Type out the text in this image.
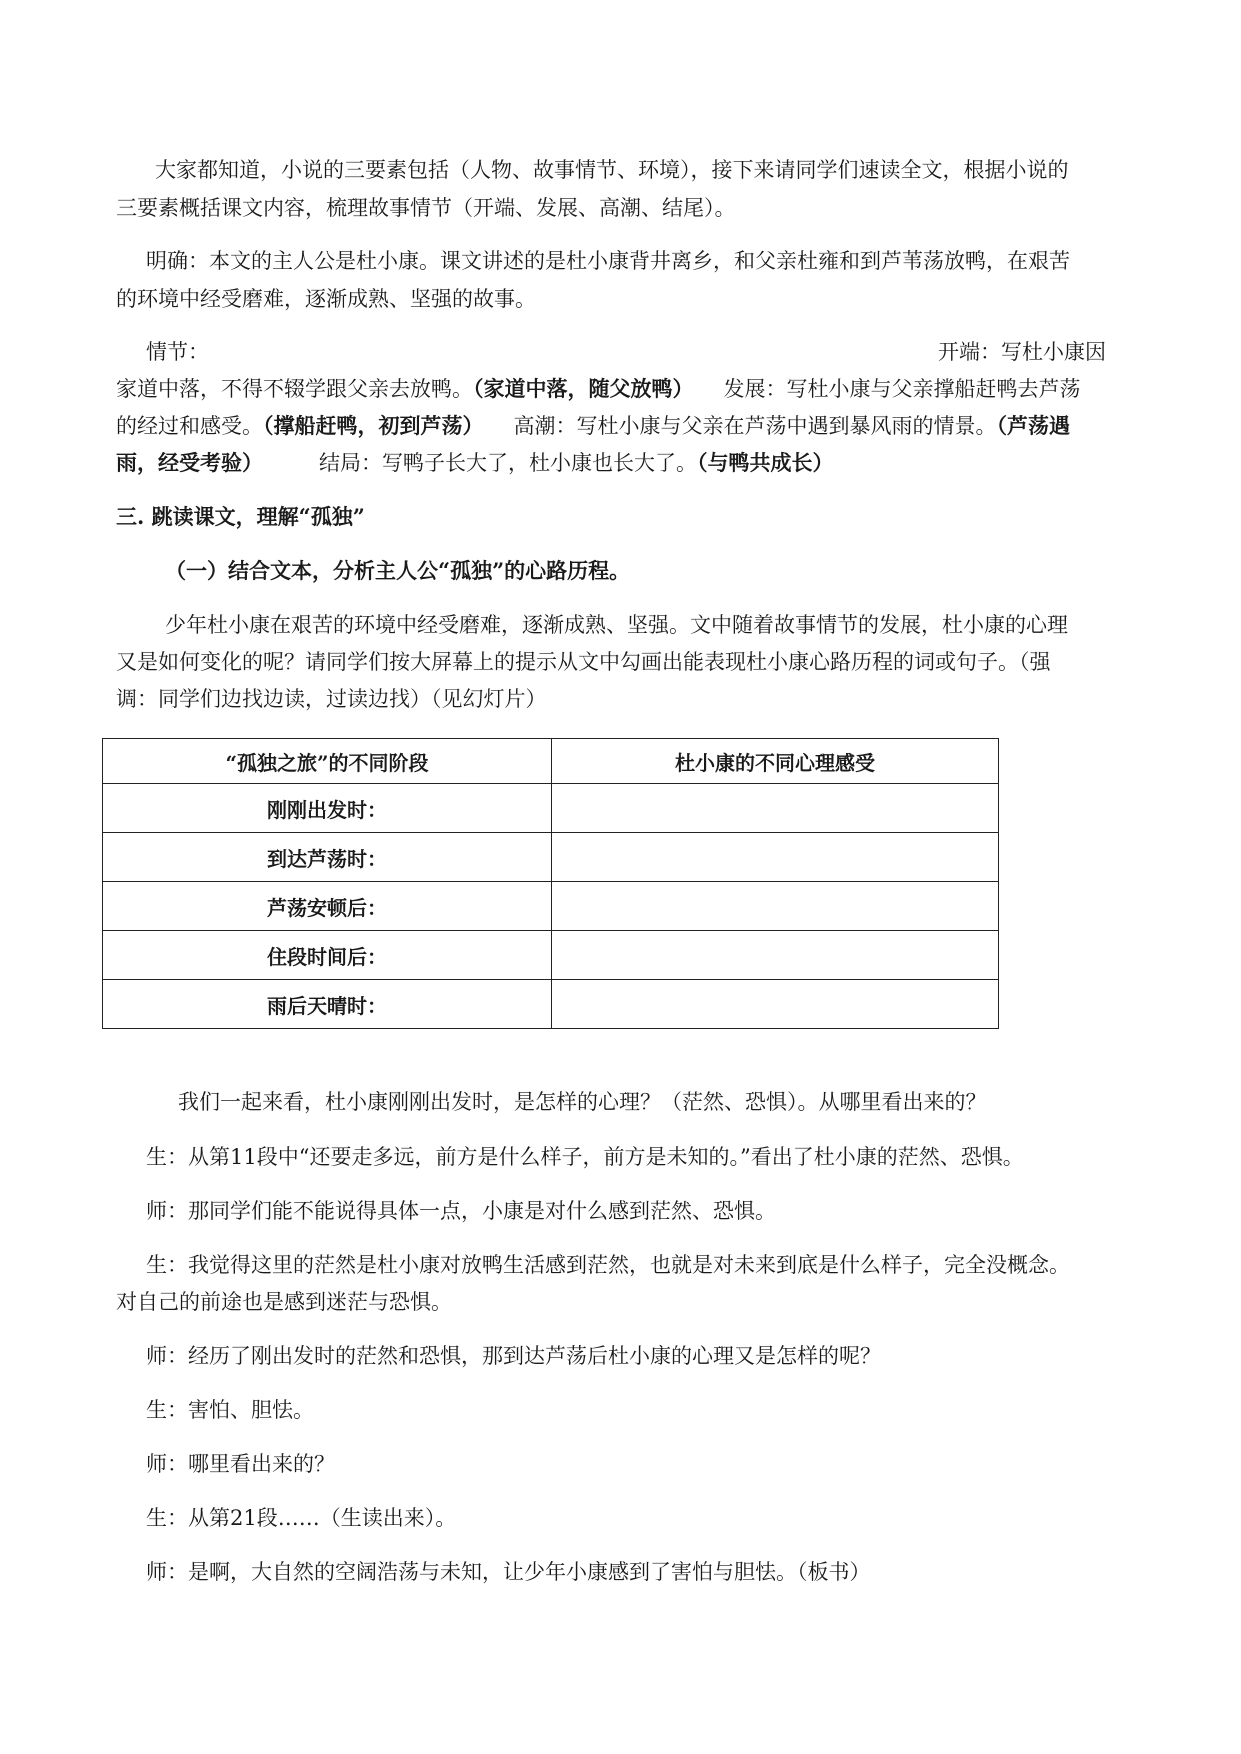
大家都知道，小说的三要素包括（人物、故事情节、环境），接下来请同学们速读全文，根据小说的

三要素概括课文内容，梳理故事情节（开端、发展、高潮、结尾）。

明确：本文的主人公是杜小康。课文讲述的是杜小康背井离乡，和父亲杜雍和到芦苇荡放鸭，在艰苦

的环境中经受磨难，逐渐成熟、坚强的故事。

情节：	开端：写杜小康因

家道中落，不得不辍学跟父亲去放鸭。（家道中落，随父放鸭） 发展：写杜小康与父亲撑船赶鸭去芦荡

的经过和感受。（撑船赶鸭，初到芦荡） 高潮：写杜小康与父亲在芦荡中遇到暴风雨的情景。（芦荡遇

雨，经受考验）	结局：写鸭子长大了，杜小康也长大了。（与鸭共成长）

三. 跳读课文，理解“孤独”

（一）结合文本，分析主人公“孤独”的心路历程。

少年杜小康在艰苦的环境中经受磨难，逐渐成熟、坚强。文中随着故事情节的发展，杜小康的心理

又是如何变化的呢？请同学们按大屏幕上的提示从文中勾画出能表现杜小康心路历程的词或句子。（强

调：同学们边找边读，过读边找）（见幻灯片）

“孤独之旅”的不同阶段	杜小康的不同心理感受
刚刚出发时：	
到达芦荡时：	
芦荡安顿后：	
住段时间后：	
雨后天晴时：	

我们一起来看，杜小康刚刚出发时，是怎样的心理？（茫然、恐惧）。从哪里看出来的？

生：从第11段中“还要走多远，前方是什么样子，前方是未知的。”看出了杜小康的茫然、恐惧。

师：那同学们能不能说得具体一点，小康是对什么感到茫然、恐惧。

生：我觉得这里的茫然是杜小康对放鸭生活感到茫然，也就是对未来到底是什么样子，完全没概念。

对自己的前途也是感到迷茫与恐惧。

师：经历了刚出发时的茫然和恐惧，那到达芦荡后杜小康的心理又是怎样的呢？

生：害怕、胆怯。

师：哪里看出来的？

生：从第21段……（生读出来）。

师：是啊，大自然的空阔浩荡与未知，让少年小康感到了害怕与胆怯。（板书）
